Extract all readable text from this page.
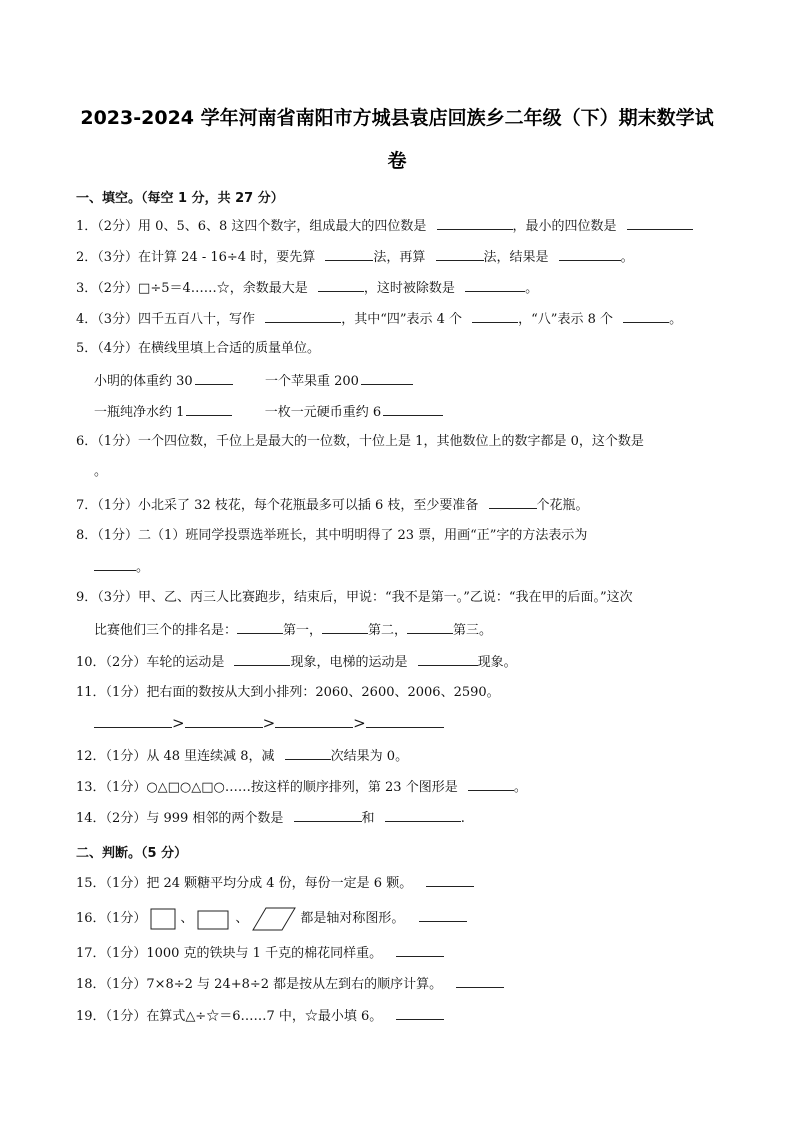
2023-2024 学年河南省南阳市方城县袁店回族乡二年级（下）期末数学试
卷
一、填空。（每空 1 分，共 27 分）
1．（2分）用 0、5、6、8 这四个数字，组成最大的四位数是	，最小的四位数是
2．（3分）在计算 24 - 16÷4 时，要先算	法，再算	法，结果是	。
3．（2分）□÷5＝4……☆，余数最大是	，这时被除数是	。
4．（3分）四千五百八十，写作	，其中“四”表示 4 个	，“八”表示 8 个	。
5．（4分）在横线里填上合适的质量单位。
小明的体重约 30	一个苹果重 200
一瓶纯净水约 1	一枚一元硬币重约 6
6．（1分）一个四位数，千位上是最大的一位数，十位上是 1，其他数位上的数字都是 0，这个数是
。
7．（1分）小北采了 32 枝花，每个花瓶最多可以插 6 枝，至少要准备	个花瓶。
8．（1分）二（1）班同学投票选举班长，其中明明得了 23 票，用画“正”字的方法表示为
。
9．（3分）甲、乙、丙三人比赛跑步，结束后，甲说：“我不是第一。”乙说：“我在甲的后面。”这次
比赛他们三个的排名是：	第一，	第二，	第三。
10．（2分）车轮的运动是	现象，电梯的运动是	现象。
11．（1分）把右面的数按从大到小排列：2060、2600、2006、2590。
>	>	>
12．（1分）从 48 里连续减 8，减	次结果为 0。
13．（1分）○△□○△□○……按这样的顺序排列，第 23 个图形是	。
14．（2分）与 999 相邻的两个数是	和	.
二、判断。（5 分）
15．（1分）把 24 颗糖平均分成 4 份，每份一定是 6 颗。
16．（1分）	、	、	都是轴对称图形。
17．（1分）1000 克的铁块与 1 千克的棉花同样重。
18．（1分）7×8÷2 与 24+8÷2 都是按从左到右的顺序计算。
19．（1分）在算式△÷☆＝6……7 中，☆最小填 6。
